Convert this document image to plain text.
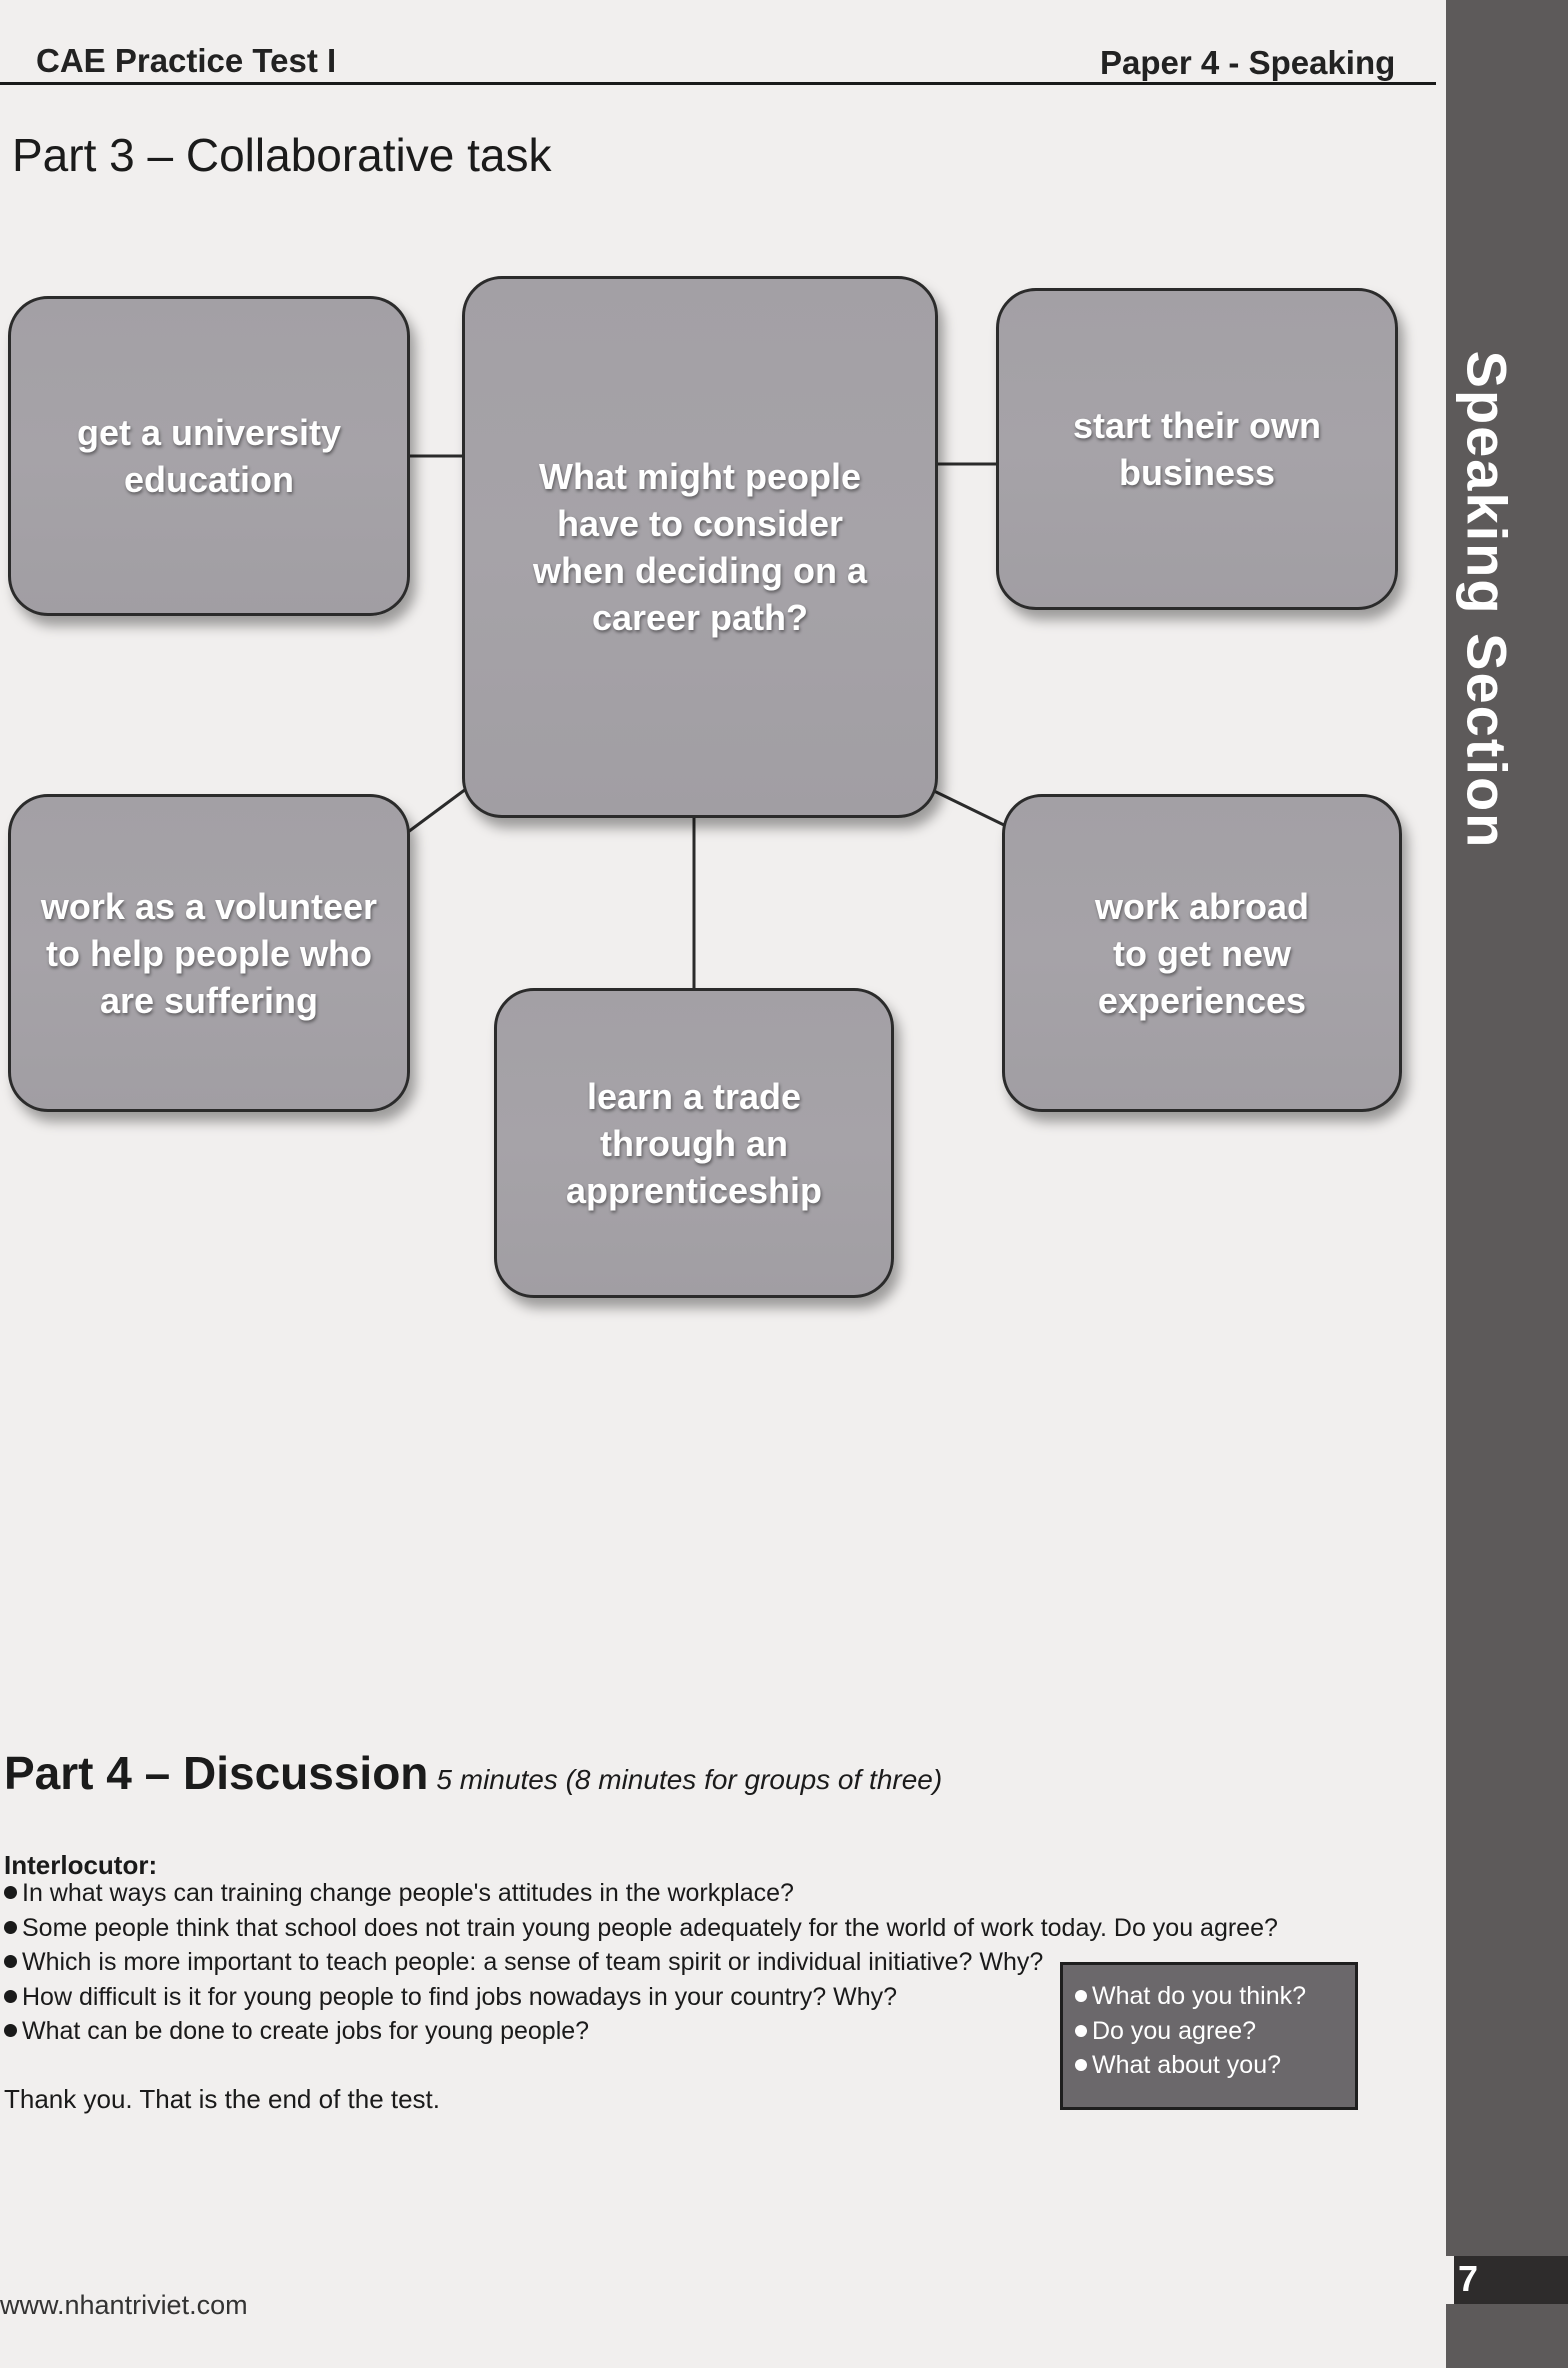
CAE Practice Test I	Paper 4 - Speaking
Part 3 – Collaborative task
What might people
have to consider
when deciding on a
career path?
get a university
education
start their own
business
work as a volunteer
to help people who
are suffering
work abroad
to get new
experiences
learn a trade
through an
apprenticeship
Part 4 – Discussion 5 minutes (8 minutes for groups of three)
Interlocutor:
In what ways can training change people's attitudes in the workplace?
Some people think that school does not train young people adequately for the world of work today. Do you agree?
Which is more important to teach people: a sense of team spirit or individual initiative? Why?
How difficult is it for young people to find jobs nowadays in your country? Why?
What can be done to create jobs for young people?
What do you think?
Do you agree?
What about you?
Thank you. That is the end of the test.
www.nhantriviet.com
Speaking Section
7
